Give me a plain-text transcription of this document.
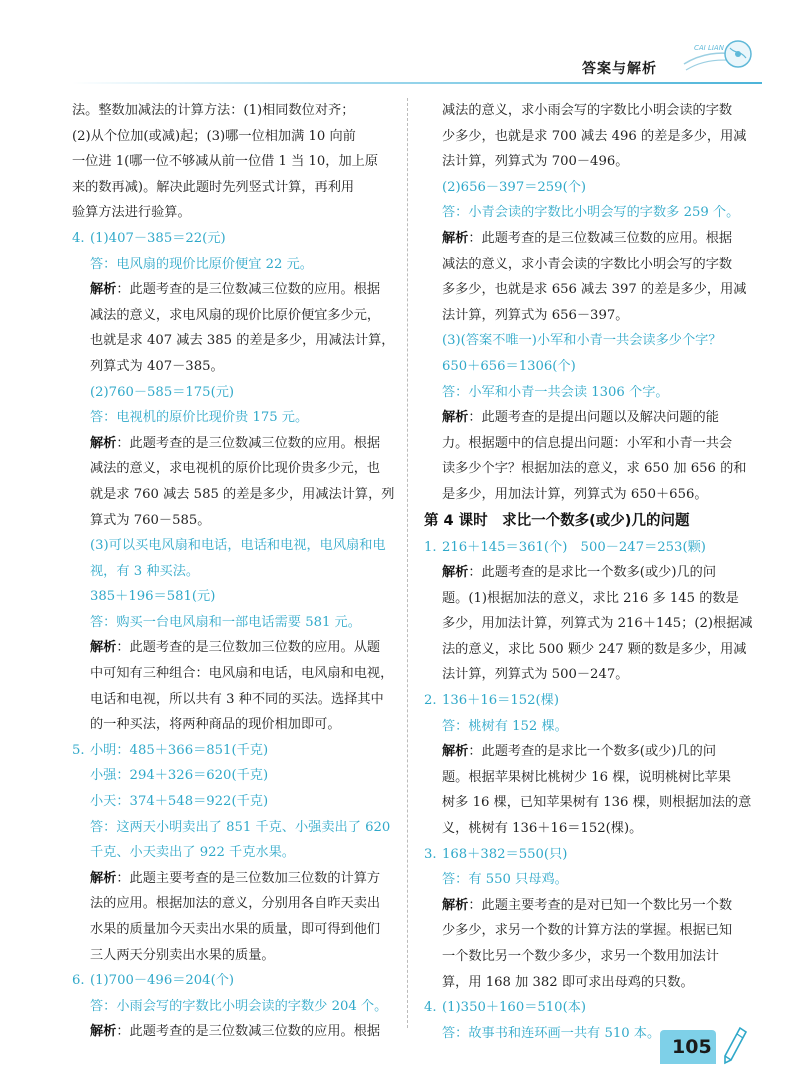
答案与解析
CAI LIAN
法。整数加减法的计算方法：(1)相同数位对齐；
(2)从个位加(或减)起；(3)哪一位相加满 10 向前
一位进 1(哪一位不够减从前一位借 1 当 10，加上原
来的数再减)。解决此题时先列竖式计算，再利用
验算方法进行验算。
4. (1)407－385＝22(元)
答：电风扇的现价比原价便宜 22 元。
解析：此题考查的是三位数减三位数的应用。根据
减法的意义，求电风扇的现价比原价便宜多少元，
也就是求 407 减去 385 的差是多少，用减法计算，
列算式为 407－385。
(2)760－585＝175(元)
答：电视机的原价比现价贵 175 元。
解析：此题考查的是三位数减三位数的应用。根据
减法的意义，求电视机的原价比现价贵多少元，也
就是求 760 减去 585 的差是多少，用减法计算，列
算式为 760－585。
(3)可以买电风扇和电话，电话和电视，电风扇和电
视，有 3 种买法。
385＋196＝581(元)
答：购买一台电风扇和一部电话需要 581 元。
解析：此题考查的是三位数加三位数的应用。从题
中可知有三种组合：电风扇和电话，电风扇和电视，
电话和电视，所以共有 3 种不同的买法。选择其中
的一种买法，将两种商品的现价相加即可。
5. 小明：485＋366＝851(千克)
小强：294＋326＝620(千克)
小天：374＋548＝922(千克)
答：这两天小明卖出了 851 千克、小强卖出了 620
千克、小天卖出了 922 千克水果。
解析：此题主要考查的是三位数加三位数的计算方
法的应用。根据加法的意义，分别用各自昨天卖出
水果的质量加今天卖出水果的质量，即可得到他们
三人两天分别卖出水果的质量。
6. (1)700－496＝204(个)
答：小雨会写的字数比小明会读的字数少 204 个。
解析：此题考查的是三位数减三位数的应用。根据
减法的意义，求小雨会写的字数比小明会读的字数
少多少，也就是求 700 减去 496 的差是多少，用减
法计算，列算式为 700－496。
(2)656－397＝259(个)
答：小青会读的字数比小明会写的字数多 259 个。
解析：此题考查的是三位数减三位数的应用。根据
减法的意义，求小青会读的字数比小明会写的字数
多多少，也就是求 656 减去 397 的差是多少，用减
法计算，列算式为 656－397。
(3)(答案不唯一)小军和小青一共会读多少个字？
650＋656＝1306(个)
答：小军和小青一共会读 1306 个字。
解析：此题考查的是提出问题以及解决问题的能
力。根据题中的信息提出问题：小军和小青一共会
读多少个字？根据加法的意义，求 650 加 656 的和
是多少，用加法计算，列算式为 650＋656。
第 4 课时　求比一个数多(或少)几的问题
1. 216＋145＝361(个)　500－247＝253(颗)
解析：此题考查的是求比一个数多(或少)几的问
题。(1)根据加法的意义，求比 216 多 145 的数是
多少，用加法计算，列算式为 216＋145；(2)根据减
法的意义，求比 500 颗少 247 颗的数是多少，用减
法计算，列算式为 500－247。
2. 136＋16＝152(棵)
答：桃树有 152 棵。
解析：此题考查的是求比一个数多(或少)几的问
题。根据苹果树比桃树少 16 棵，说明桃树比苹果
树多 16 棵，已知苹果树有 136 棵，则根据加法的意
义，桃树有 136＋16＝152(棵)。
3. 168＋382＝550(只)
答：有 550 只母鸡。
解析：此题主要考查的是对已知一个数比另一个数
少多少，求另一个数的计算方法的掌握。根据已知
一个数比另一个数少多少，求另一个数用加法计
算，用 168 加 382 即可求出母鸡的只数。
4. (1)350＋160＝510(本)
答：故事书和连环画一共有 510 本。
105
